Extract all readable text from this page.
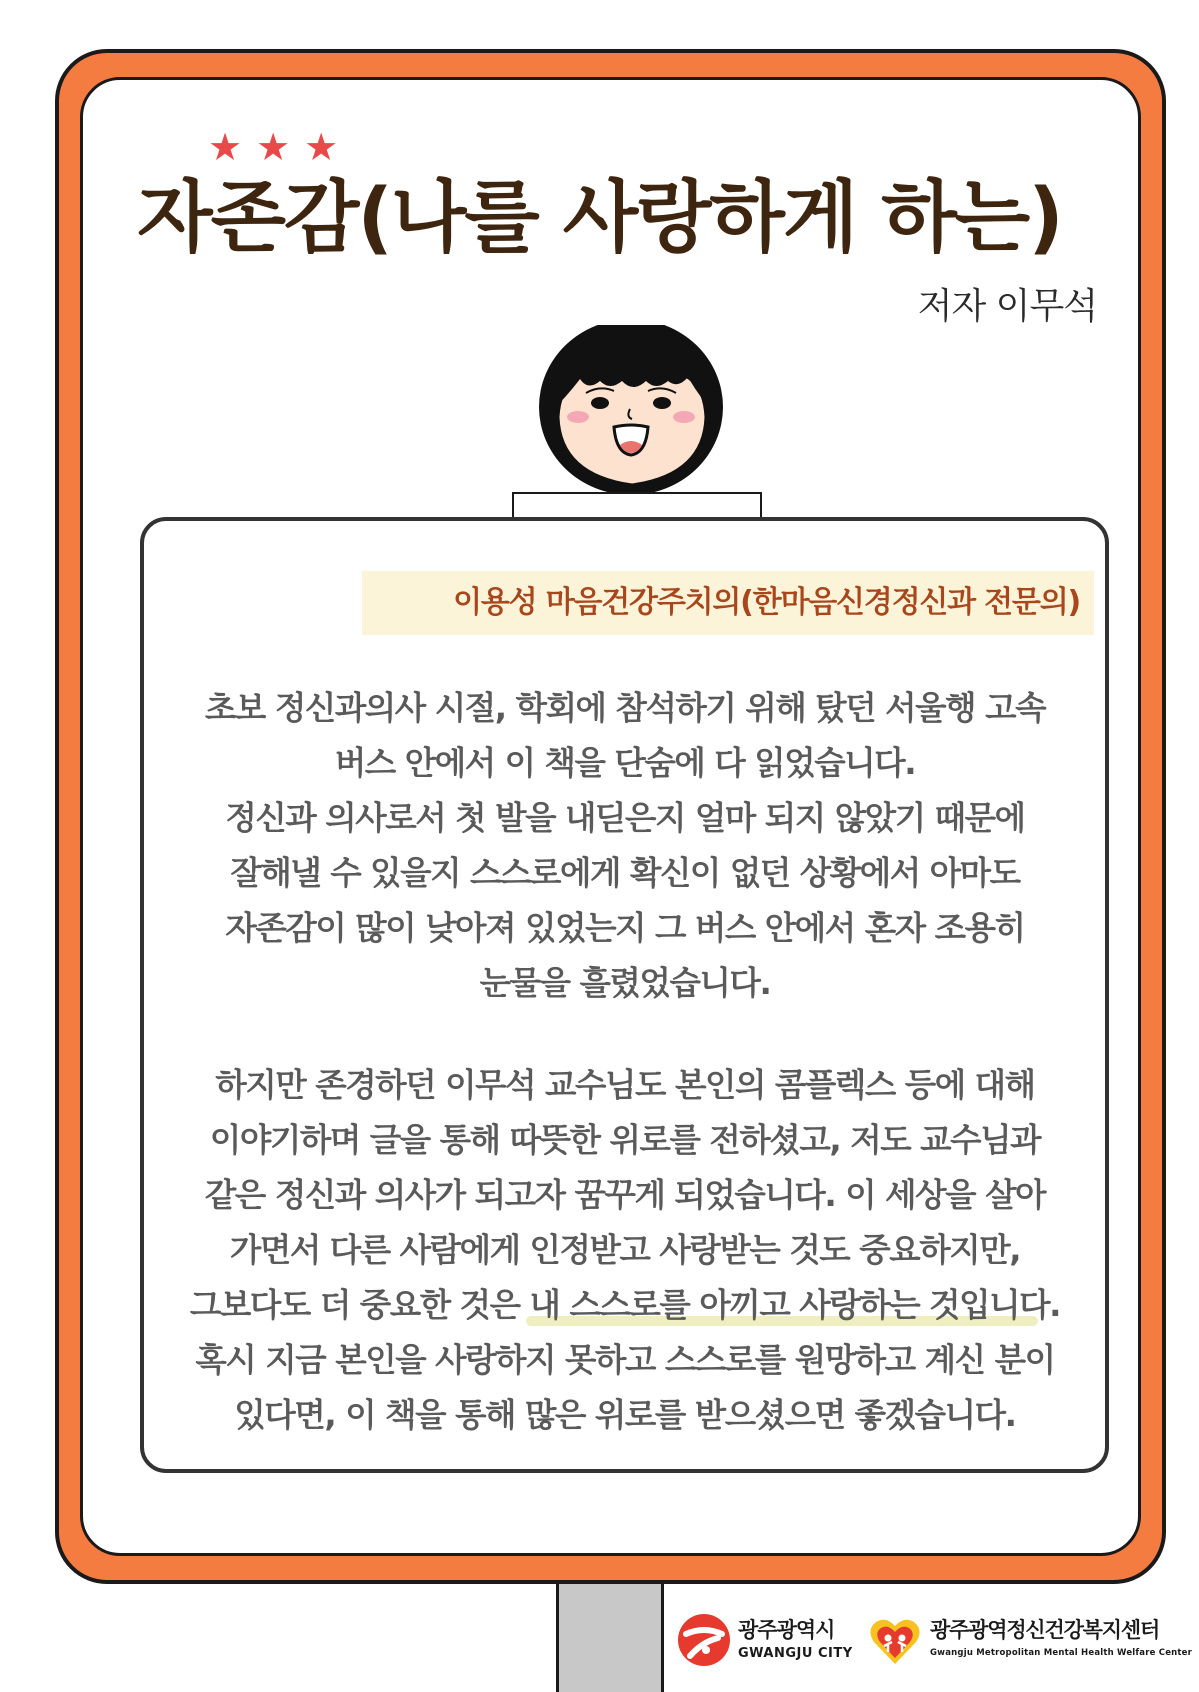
★ ★ ★
자존감(나를 사랑하게 하는)
저자 이무석
이용성 마음건강주치의(한마음신경정신과 전문의)
초보 정신과의사 시절, 학회에 참석하기 위해 탔던 서울행 고속
버스 안에서 이 책을 단숨에 다 읽었습니다.
정신과 의사로서 첫 발을 내딛은지 얼마 되지 않았기 때문에
잘해낼 수 있을지 스스로에게 확신이 없던 상황에서 아마도
자존감이 많이 낮아져 있었는지 그 버스 안에서 혼자 조용히
눈물을 흘렸었습니다.
하지만 존경하던 이무석 교수님도 본인의 콤플렉스 등에 대해
이야기하며 글을 통해 따뜻한 위로를 전하셨고, 저도 교수님과
같은 정신과 의사가 되고자 꿈꾸게 되었습니다. 이 세상을 살아
가면서 다른 사람에게 인정받고 사랑받는 것도 중요하지만,
그보다도 더 중요한 것은 내 스스로를 아끼고 사랑하는 것입니다.
혹시 지금 본인을 사랑하지 못하고 스스로를 원망하고 계신 분이
있다면, 이 책을 통해 많은 위로를 받으셨으면 좋겠습니다.
광주광역시
GWANGJU CITY
광주광역정신건강복지센터
Gwangju Metropolitan Mental Health Welfare Center
